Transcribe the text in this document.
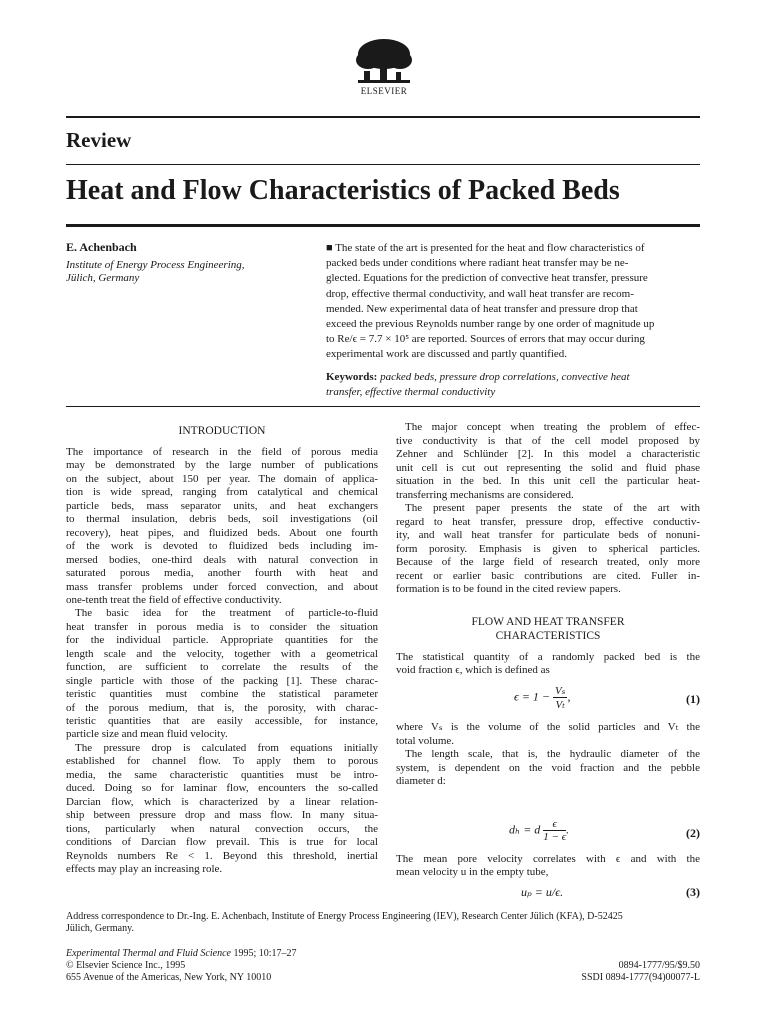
ELSEVIER
Review
Heat and Flow Characteristics of Packed Beds
E. Achenbach
Institute of Energy Process Engineering,
Jülich, Germany
■ The state of the art is presented for the heat and flow characteristics of
packed beds under conditions where radiant heat transfer may be ne-
glected. Equations for the prediction of convective heat transfer, pressure
drop, effective thermal conductivity, and wall heat transfer are recom-
mended. New experimental data of heat transfer and pressure drop that
exceed the previous Reynolds number range by one order of magnitude up
to Re/ϵ = 7.7 × 10⁵ are reported. Sources of errors that may occur during
experimental work are discussed and partly quantified.
Keywords: packed beds, pressure drop correlations, convective heat
transfer, effective thermal conductivity
INTRODUCTION
The importance of research in the field of porous media
may be demonstrated by the large number of publications
on the subject, about 150 per year. The domain of applica-
tion is wide spread, ranging from catalytical and chemical
particle beds, mass separator units, and heat exchangers
to thermal insulation, debris beds, soil investigations (oil
recovery), heat pipes, and fluidized beds. About one fourth
of the work is devoted to fluidized beds including im-
mersed bodies, one-third deals with natural convection in
saturated porous media, another fourth with heat and
mass transfer problems under forced convection, and about
one-tenth treat the field of effective conductivity.
The basic idea for the treatment of particle-to-fluid
heat transfer in porous media is to consider the situation
for the individual particle. Appropriate quantities for the
length scale and the velocity, together with a geometrical
function, are sufficient to correlate the results of the
single particle with those of the packing [1]. These charac-
teristic quantities must combine the statistical parameter
of the porous medium, that is, the porosity, with charac-
teristic quantities that are easily accessible, for instance,
particle size and mean fluid velocity.
The pressure drop is calculated from equations initially
established for channel flow. To apply them to porous
media, the same characteristic quantities must be intro-
duced. Doing so for laminar flow, encounters the so-called
Darcian flow, which is characterized by a linear relation-
ship between pressure drop and mass flow. In many situa-
tions, particularly when natural convection occurs, the
conditions of Darcian flow prevail. This is true for local
Reynolds numbers Re < 1. Beyond this threshold, inertial
effects may play an increasing role.
The major concept when treating the problem of effec-
tive conductivity is that of the cell model proposed by
Zehner and Schlünder [2]. In this model a characteristic
unit cell is cut out representing the solid and fluid phase
situation in the bed. In this unit cell the particular heat-
transferring mechanisms are considered.
The present paper presents the state of the art with
regard to heat transfer, pressure drop, effective conductiv-
ity, and wall heat transfer for particulate beds of nonuni-
form porosity. Emphasis is given to spherical particles.
Because of the large field of research treated, only more
recent or earlier basic contributions are cited. Fuller in-
formation is to be found in the cited review papers.
FLOW AND HEAT TRANSFER
CHARACTERISTICS
The statistical quantity of a randomly packed bed is the
void fraction ϵ, which is defined as
$\epsilon = 1 - \frac{\text{Vₛ}}{\text{Vₜ}}$ ,	(1)
where Vₛ is the volume of the solid particles and Vₜ the
total volume.
The length scale, that is, the hydraulic diameter of the
system, is dependent on the void fraction and the pebble
diameter d:
dₕ = d $\frac{\epsilon}{1 - \epsilon}$ .	(2)
The mean pore velocity correlates with ϵ and with the
mean velocity u in the empty tube,
uₚ = u/ϵ.	(3)
Address correspondence to Dr.-Ing. E. Achenbach, Institute of Energy Process Engineering (IEV), Research Center Jülich (KFA), D-52425
Jülich, Germany.
Experimental Thermal and Fluid Science 1995; 10:17–27
© Elsevier Science Inc., 1995
655 Avenue of the Americas, New York, NY 10010
0894-1777/95/$9.50
SSDI 0894-1777(94)00077-L
